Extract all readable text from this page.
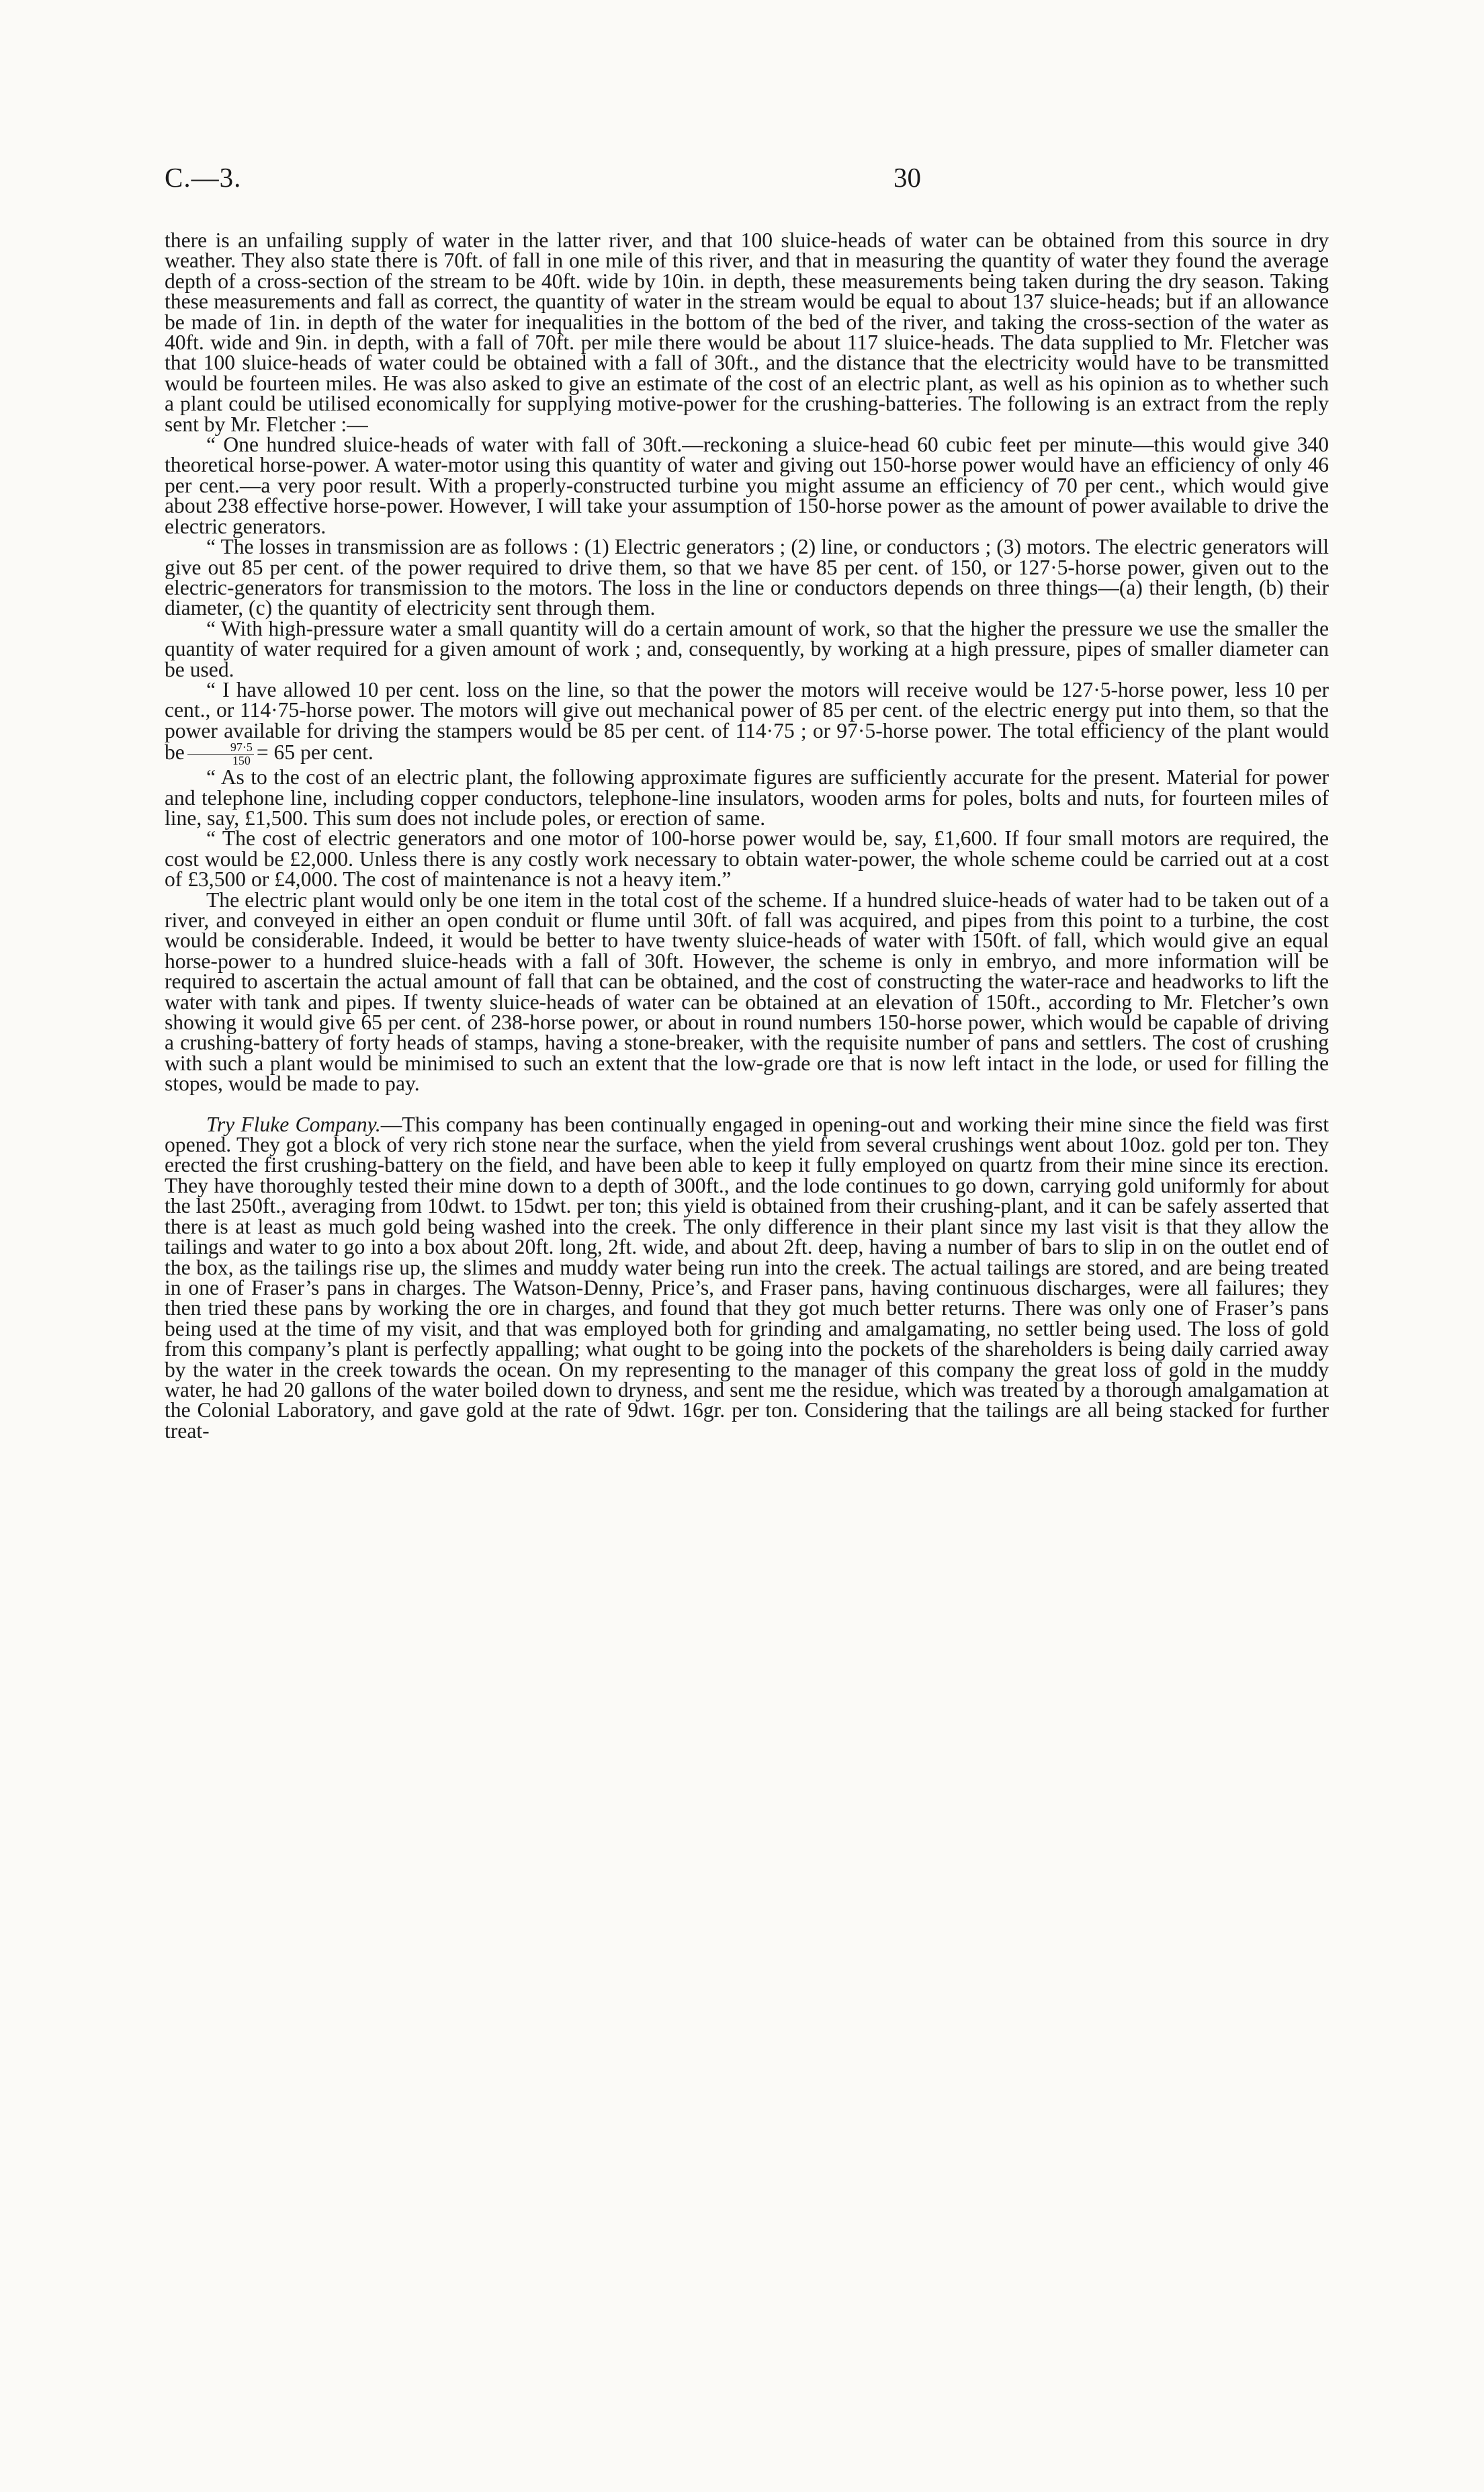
C.—3.	30

there is an unfailing supply of water in the latter river, and that 100 sluice-heads of water can be obtained from this source in dry weather. They also state there is 70ft. of fall in one mile of this river, and that in measuring the quantity of water they found the average depth of a cross-section of the stream to be 40ft. wide by 10in. in depth, these measurements being taken during the dry season. Taking these measurements and fall as correct, the quantity of water in the stream would be equal to about 137 sluice-heads; but if an allowance be made of 1in. in depth of the water for inequalities in the bottom of the bed of the river, and taking the cross-section of the water as 40ft. wide and 9in. in depth, with a fall of 70ft. per mile there would be about 117 sluice-heads. The data supplied to Mr. Fletcher was that 100 sluice-heads of water could be obtained with a fall of 30ft., and the distance that the electricity would have to be transmitted would be fourteen miles. He was also asked to give an estimate of the cost of an electric plant, as well as his opinion as to whether such a plant could be utilised economically for supplying motive-power for the crushing-batteries. The following is an extract from the reply sent by Mr. Fletcher :—

“ One hundred sluice-heads of water with fall of 30ft.—reckoning a sluice-head 60 cubic feet per minute—this would give 340 theoretical horse-power. A water-motor using this quantity of water and giving out 150-horse power would have an efficiency of only 46 per cent.—a very poor result. With a properly-constructed turbine you might assume an efficiency of 70 per cent., which would give about 238 effective horse-power. However, I will take your assumption of 150-horse power as the amount of power available to drive the electric generators.

“ The losses in transmission are as follows : (1) Electric generators ; (2) line, or conductors ; (3) motors. The electric generators will give out 85 per cent. of the power required to drive them, so that we have 85 per cent. of 150, or 127·5-horse power, given out to the electric-generators for transmission to the motors. The loss in the line or conductors depends on three things—(a) their length, (b) their diameter, (c) the quantity of electricity sent through them.

“ With high-pressure water a small quantity will do a certain amount of work, so that the higher the pressure we use the smaller the quantity of water required for a given amount of work ; and, consequently, by working at a high pressure, pipes of smaller diameter can be used.

“ I have allowed 10 per cent. loss on the line, so that the power the motors will receive would be 127·5-horse power, less 10 per cent., or 114·75-horse power. The motors will give out mechanical power of 85 per cent. of the electric energy put into them, so that the power available for driving the stampers would be 85 per cent. of 114·75 ; or 97·5-horse power. The total efficiency of the plant would be $\frac{97\cdot 5}{150} = 65$ per cent.

“ As to the cost of an electric plant, the following approximate figures are sufficiently accurate for the present. Material for power and telephone line, including copper conductors, telephone-line insulators, wooden arms for poles, bolts and nuts, for fourteen miles of line, say, £1,500. This sum does not include poles, or erection of same.

“ The cost of electric generators and one motor of 100-horse power would be, say, £1,600. If four small motors are required, the cost would be £2,000. Unless there is any costly work necessary to obtain water-power, the whole scheme could be carried out at a cost of £3,500 or £4,000. The cost of maintenance is not a heavy item.”

The electric plant would only be one item in the total cost of the scheme. If a hundred sluice-heads of water had to be taken out of a river, and conveyed in either an open conduit or flume until 30ft. of fall was acquired, and pipes from this point to a turbine, the cost would be considerable. Indeed, it would be better to have twenty sluice-heads of water with 150ft. of fall, which would give an equal horse-power to a hundred sluice-heads with a fall of 30ft. However, the scheme is only in embryo, and more information will be required to ascertain the actual amount of fall that can be obtained, and the cost of constructing the water-race and headworks to lift the water with tank and pipes. If twenty sluice-heads of water can be obtained at an elevation of 150ft., according to Mr. Fletcher’s own showing it would give 65 per cent. of 238-horse power, or about in round numbers 150-horse power, which would be capable of driving a crushing-battery of forty heads of stamps, having a stone-breaker, with the requisite number of pans and settlers. The cost of crushing with such a plant would be minimised to such an extent that the low-grade ore that is now left intact in the lode, or used for filling the stopes, would be made to pay.

Try Fluke Company.—This company has been continually engaged in opening-out and working their mine since the field was first opened. They got a block of very rich stone near the surface, when the yield from several crushings went about 10oz. gold per ton. They erected the first crushing-battery on the field, and have been able to keep it fully employed on quartz from their mine since its erection. They have thoroughly tested their mine down to a depth of 300ft., and the lode continues to go down, carrying gold uniformly for about the last 250ft., averaging from 10dwt. to 15dwt. per ton; this yield is obtained from their crushing-plant, and it can be safely asserted that there is at least as much gold being washed into the creek. The only difference in their plant since my last visit is that they allow the tailings and water to go into a box about 20ft. long, 2ft. wide, and about 2ft. deep, having a number of bars to slip in on the outlet end of the box, as the tailings rise up, the slimes and muddy water being run into the creek. The actual tailings are stored, and are being treated in one of Fraser’s pans in charges. The Watson-Denny, Price’s, and Fraser pans, having continuous discharges, were all failures; they then tried these pans by working the ore in charges, and found that they got much better returns. There was only one of Fraser’s pans being used at the time of my visit, and that was employed both for grinding and amalgamating, no settler being used. The loss of gold from this company’s plant is perfectly appalling; what ought to be going into the pockets of the shareholders is being daily carried away by the water in the creek towards the ocean. On my representing to the manager of this company the great loss of gold in the muddy water, he had 20 gallons of the water boiled down to dryness, and sent me the residue, which was treated by a thorough amalgamation at the Colonial Laboratory, and gave gold at the rate of 9dwt. 16gr. per ton. Considering that the tailings are all being stacked for further treat-
